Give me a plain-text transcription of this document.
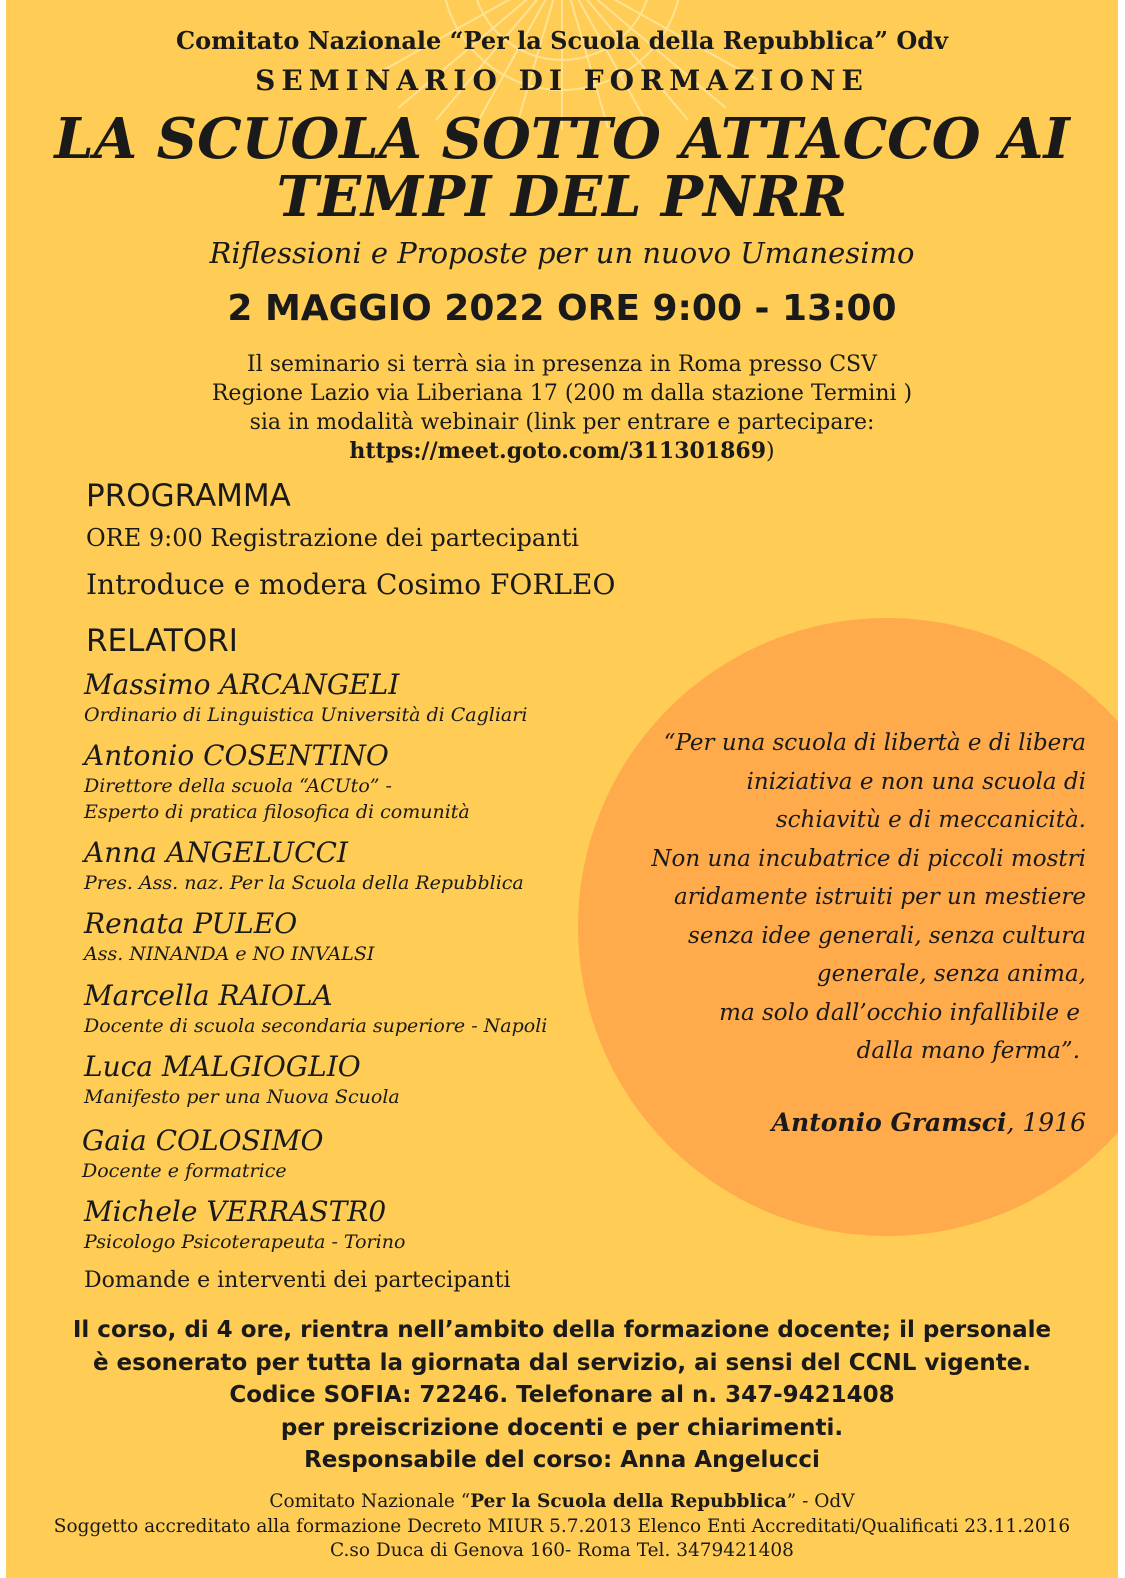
Comitato Nazionale “Per la Scuola della Repubblica” Odv
SEMINARIO DI FORMAZIONE
LA SCUOLA SOTTO ATTACCO AI
TEMPI DEL PNRR
Riflessioni e Proposte per un nuovo Umanesimo
2 MAGGIO 2022 ORE 9:00 - 13:00
Il seminario si terrà sia in presenza in Roma presso CSV
Regione Lazio via Liberiana 17 (200 m dalla stazione Termini )
sia in modalità webinair (link per entrare e partecipare:
https://meet.goto.com/311301869)
PROGRAMMA
ORE 9:00 Registrazione dei partecipanti
Introduce e modera Cosimo FORLEO
RELATORI
Massimo ARCANGELI
Ordinario di Linguistica Università di Cagliari
Antonio COSENTINO
Direttore della scuola “ACUto” -
Esperto di pratica filosofica di comunità
Anna ANGELUCCI
Pres. Ass. naz. Per la Scuola della Repubblica
Renata PULEO
Ass. NINANDA e NO INVALSI
Marcella RAIOLA
Docente di scuola secondaria superiore - Napoli
Luca MALGIOGLIO
Manifesto per una Nuova Scuola
Gaia COLOSIMO
Docente e formatrice
Michele VERRASTR0
Psicologo Psicoterapeuta - Torino
Domande e interventi dei partecipanti
“Per una scuola di libertà e di libera
iniziativa e non una scuola di
schiavitù e di meccanicità.
Non una incubatrice di piccoli mostri
aridamente istruiti per un mestiere
senza idee generali, senza cultura
generale, senza anima,
ma solo dall’occhio infallibile e
dalla mano ferma”.
Antonio Gramsci, 1916
Il corso, di 4 ore, rientra nell’ambito della formazione docente; il personale
è esonerato per tutta la giornata dal servizio, ai sensi del CCNL vigente.
Codice SOFIA: 72246. Telefonare al n. 347-9421408
per preiscrizione docenti e per chiarimenti.
Responsabile del corso: Anna Angelucci
Comitato Nazionale “Per la Scuola della Repubblica” - OdV
Soggetto accreditato alla formazione Decreto MIUR 5.7.2013 Elenco Enti Accreditati/Qualificati 23.11.2016
C.so Duca di Genova 160- Roma Tel. 3479421408
